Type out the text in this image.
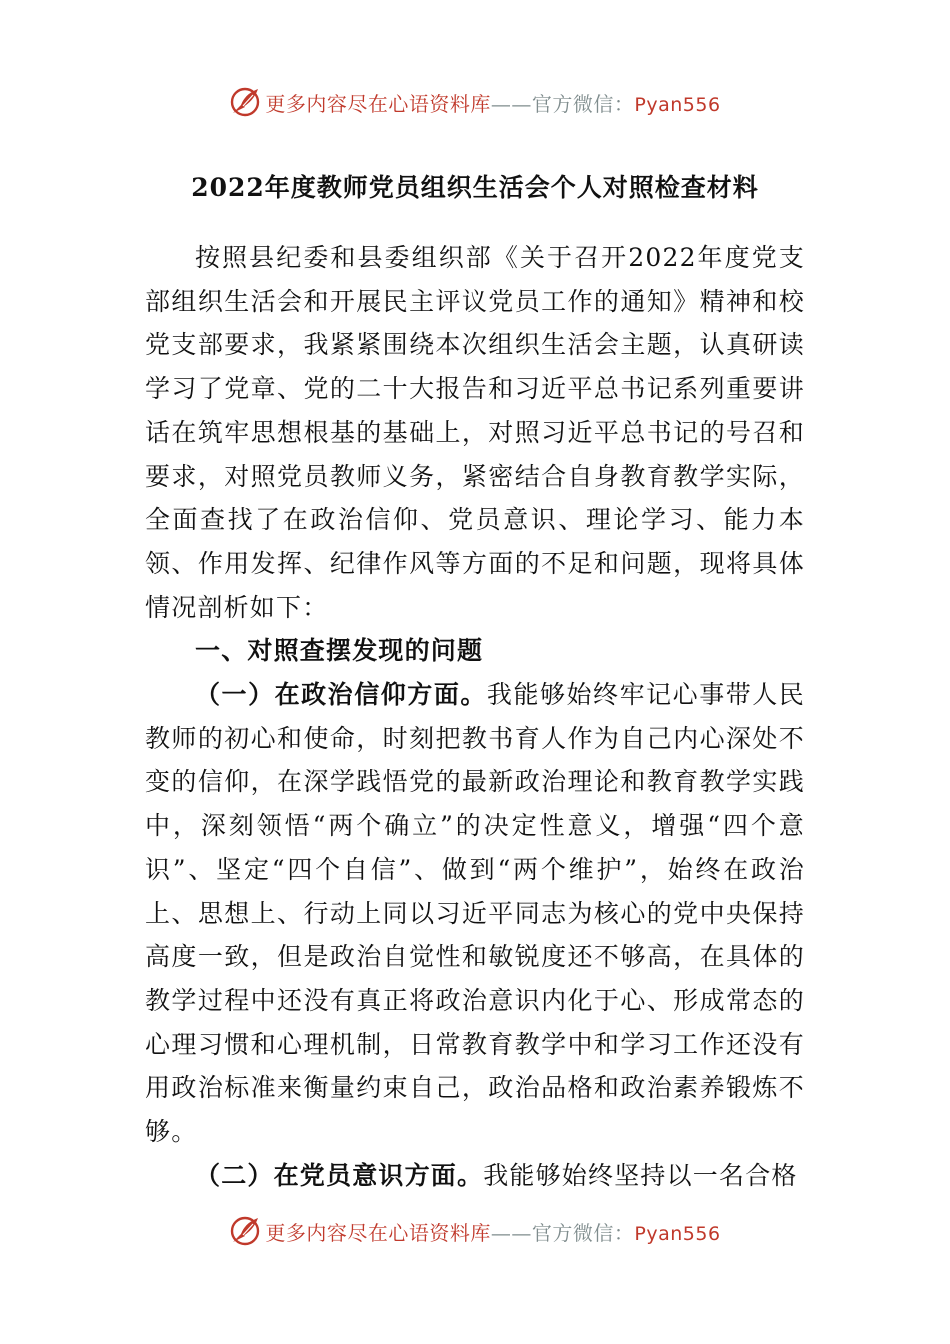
更多内容尽在心语资料库——官方微信：Pyan556
2022年度教师党员组织生活会个人对照检查材料

按照县纪委和县委组织部《关于召开2022年度党支部组织生活会和开展民主评议党员工作的通知》精神和校党支部要求，我紧紧围绕本次组织生活会主题，认真研读学习了党章、党的二十大报告和习近平总书记系列重要讲话在筑牢思想根基的基础上，对照习近平总书记的号召和要求，对照党员教师义务，紧密结合自身教育教学实际，全面查找了在政治信仰、党员意识、理论学习、能力本领、作用发挥、纪律作风等方面的不足和问题，现将具体情况剖析如下：

一、对照查摆发现的问题

（一）在政治信仰方面。我能够始终牢记心事带人民教师的初心和使命，时刻把教书育人作为自己内心深处不变的信仰，在深学践悟党的最新政治理论和教育教学实践中，深刻领悟“两个确立”的决定性意义，增强“四个意识”、坚定“四个自信”、做到“两个维护”，始终在政治上、思想上、行动上同以习近平同志为核心的党中央保持高度一致，但是政治自觉性和敏锐度还不够高，在具体的教学过程中还没有真正将政治意识内化于心、形成常态的心理习惯和心理机制，日常教育教学中和学习工作还没有用政治标准来衡量约束自己，政治品格和政治素养锻炼不够。

（二）在党员意识方面。我能够始终坚持以一名合格

更多内容尽在心语资料库——官方微信：Pyan556
